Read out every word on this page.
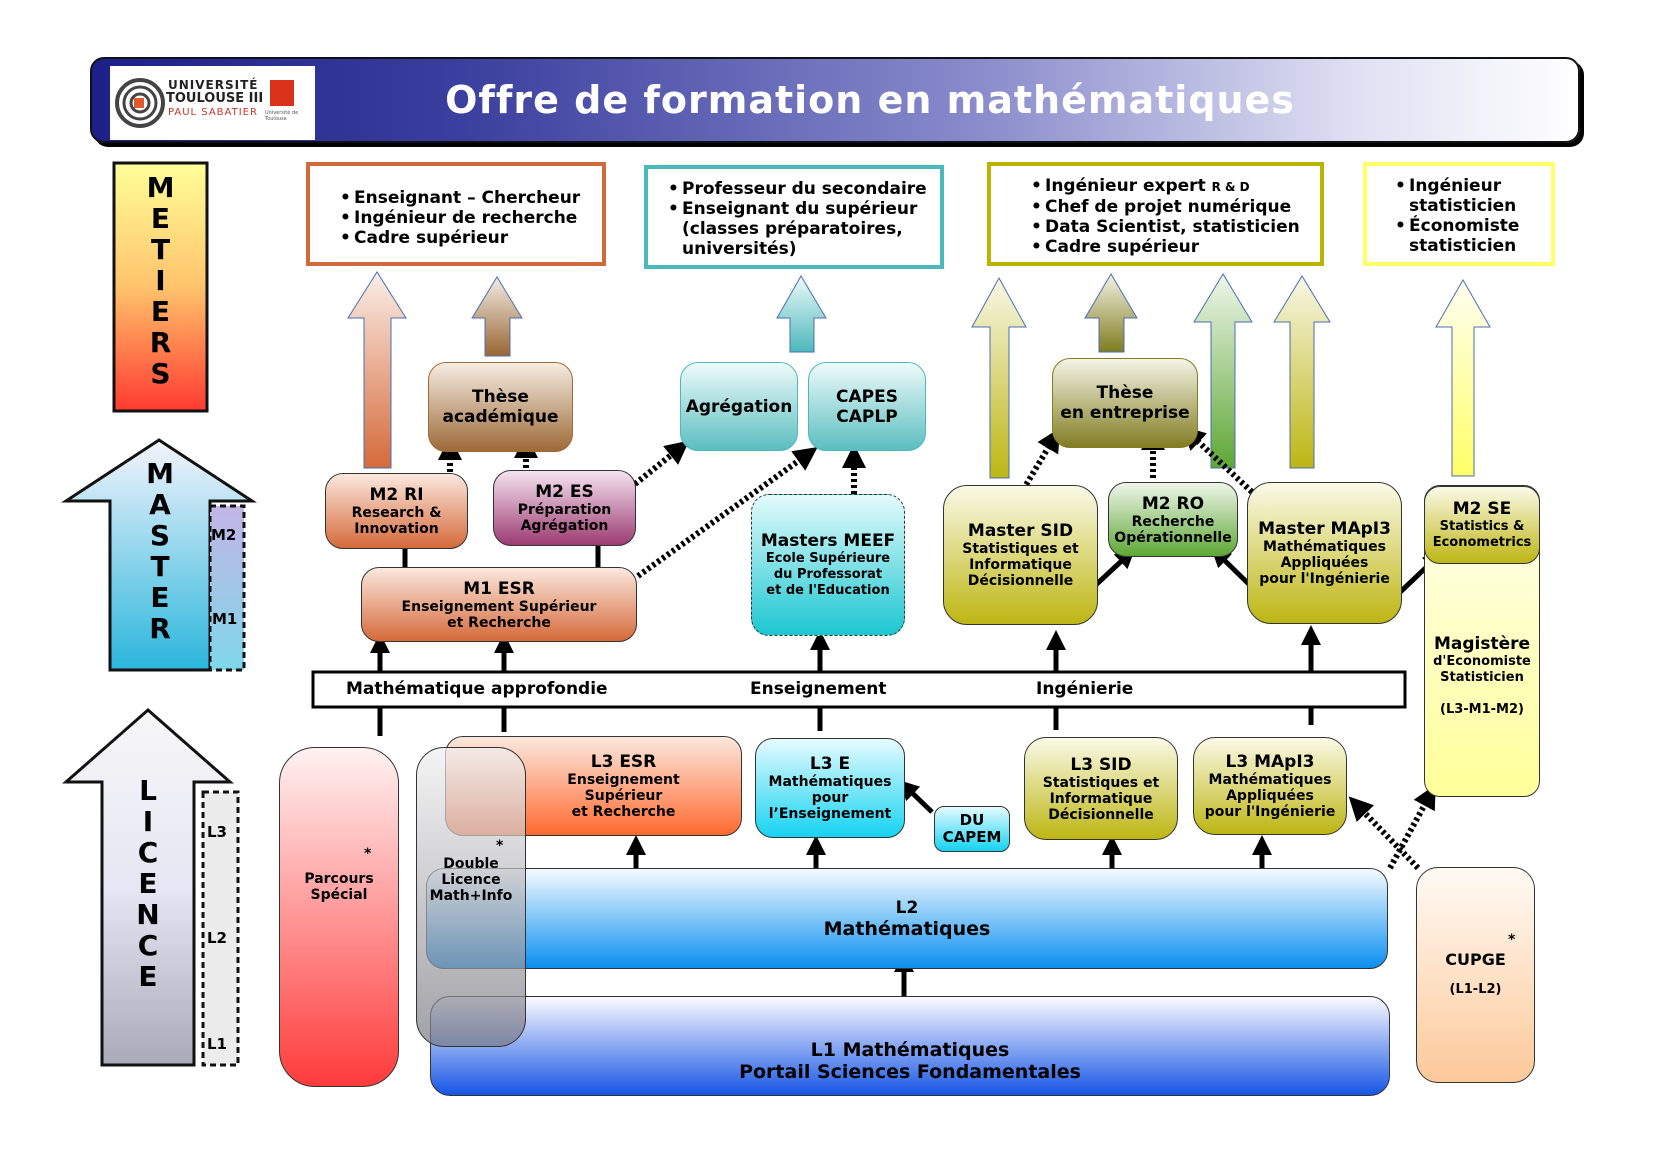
UNIVERSITÉ
TOULOUSE III
PAUL SABATIER Université de Toulouse	Offre de formation en mathématiques
M
E
T
I
E
R
S
M
A
S
T
E
R
M2
M1
L
I
C
E
N
C
E
L3
L2
L1
• Enseignant – Chercheur
• Ingénieur de recherche
• Cadre supérieur
• Professeur du secondaire
• Enseignant du supérieur
(classes préparatoires,
universités)
• Ingénieur expert R & D
• Chef de projet numérique
• Data Scientist, statisticien
• Cadre supérieur
• Ingénieur
statisticien
• Économiste
statisticien
Thèse
académique
Agrégation	CAPES
CAPLP
Thèse
en entreprise
M2 RI
Research &
Innovation
M2 ES
Préparation
Agrégation
M1 ESR
Enseignement Supérieur
et Recherche
Masters MEEF
Ecole Supérieure
du Professorat
et de l'Education
Master SID
Statistiques et
Informatique
Décisionnelle
M2 RO
Recherche
Opérationnelle Master MApI3
Mathématiques
Appliquées
pour l'Ingénierie
Magistère
d'Economiste
Statisticien
(L3-M1-M2)
M2 SE
Statistics &
Econometrics
Mathématique approfondie	Enseignement	Ingénierie
Parcours
Spécial
*
L3 ESR
Enseignement
Supérieur
et Recherche
L3 E
Mathématiques
pour
l’Enseignement	DU
CAPEM
L3 SID
Statistiques et
Informatique
Décisionnelle
L3 MApI3
Mathématiques
Appliquées
pour l'Ingénierie
L2
Mathématiques
L1 Mathématiques
Portail Sciences Fondamentales
Double
Licence
Math+Info
*
CUPGE
(L1-L2)
*
